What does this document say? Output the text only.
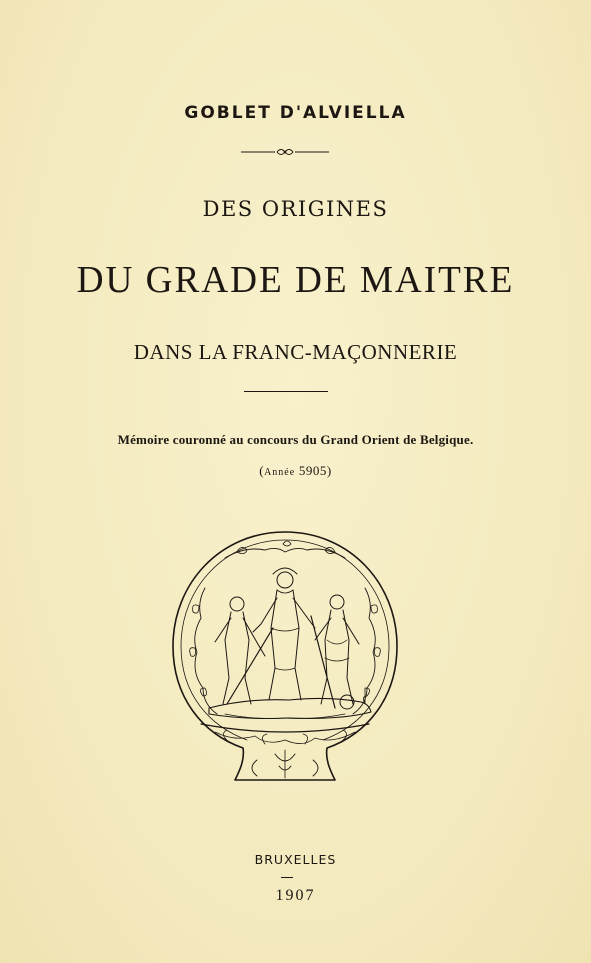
GOBLET D'ALVIELLA
DES ORIGINES
DU GRADE DE MAITRE
DANS LA FRANC-MAÇONNERIE
Mémoire couronné au concours du Grand Orient de Belgique.
(Année 5905)
BRUXELLES
1907
